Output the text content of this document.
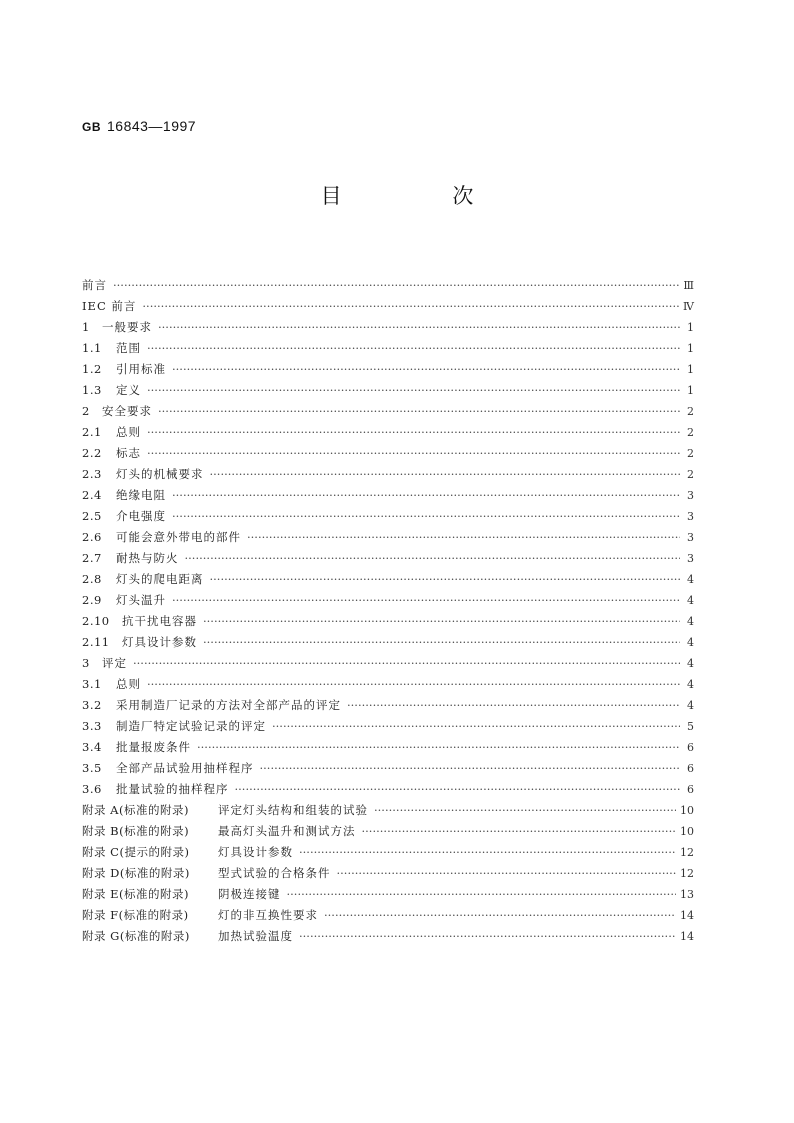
GB 16843—1997
目 次
前言 ·····	Ⅲ
IEC 前言 ·····	Ⅳ
1	一般要求 ·····	1
1.1	范围 ·····	1
1.2	引用标准 ·····	1
1.3	定义 ·····	1
2	安全要求 ·····	2
2.1	总则 ·····	2
2.2	标志 ·····	2
2.3	灯头的机械要求 ·····	2
2.4	绝缘电阻 ·····	3
2.5	介电强度 ·····	3
2.6	可能会意外带电的部件 ·····	3
2.7	耐热与防火 ·····	3
2.8	灯头的爬电距离 ·····	4
2.9	灯头温升 ·····	4
2.10	抗干扰电容器 ·····	4
2.11	灯具设计参数 ·····	4
3	评定 ·····	4
3.1	总则 ·····	4
3.2	采用制造厂记录的方法对全部产品的评定 ·····	4
3.3	制造厂特定试验记录的评定 ·····	5
3.4	批量报废条件 ·····	6
3.5	全部产品试验用抽样程序 ·····	6
3.6	批量试验的抽样程序 ·····	6
附录 A(标准的附录)	评定灯头结构和组装的试验 ·····	10
附录 B(标准的附录)	最高灯头温升和测试方法 ·····	10
附录 C(提示的附录)	灯具设计参数 ·····	12
附录 D(标准的附录)	型式试验的合格条件 ·····	12
附录 E(标准的附录)	阴极连接键 ·····	13
附录 F(标准的附录)	灯的非互换性要求 ·····	14
附录 G(标准的附录)	加热试验温度 ·····	14
